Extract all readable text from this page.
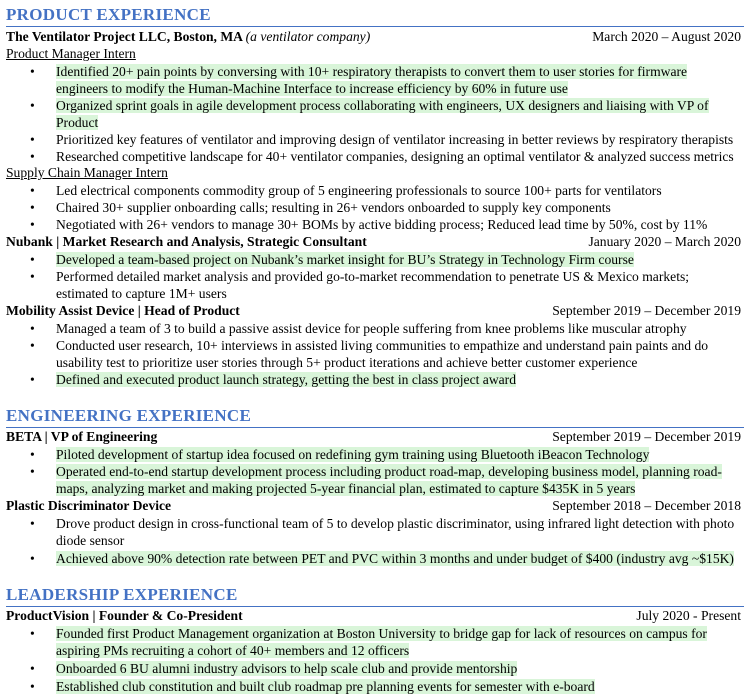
PRODUCT EXPERIENCE
The Ventilator Project LLC, Boston, MA (a ventilator company)	March 2020 – August 2020
Product Manager Intern
• Identified 20+ pain points by conversing with 10+ respiratory therapists to convert them to user stories for firmware
engineers to modify the Human-Machine Interface to increase efficiency by 60% in future use
• Organized sprint goals in agile development process collaborating with engineers, UX designers and liaising with VP of
Product
• Prioritized key features of ventilator and improving design of ventilator increasing in better reviews by respiratory therapists
• Researched competitive landscape for 40+ ventilator companies, designing an optimal ventilator & analyzed success metrics
Supply Chain Manager Intern
• Led electrical components commodity group of 5 engineering professionals to source 100+ parts for ventilators
• Chaired 30+ supplier onboarding calls; resulting in 26+ vendors onboarded to supply key components
• Negotiated with 26+ vendors to manage 30+ BOMs by active bidding process; Reduced lead time by 50%, cost by 11%
Nubank | Market Research and Analysis, Strategic Consultant	January 2020 – March 2020
• Developed a team-based project on Nubank’s market insight for BU’s Strategy in Technology Firm course
• Performed detailed market analysis and provided go-to-market recommendation to penetrate US & Mexico markets;
estimated to capture 1M+ users
Mobility Assist Device | Head of Product	September 2019 – December 2019
• Managed a team of 3 to build a passive assist device for people suffering from knee problems like muscular atrophy
• Conducted user research, 10+ interviews in assisted living communities to empathize and understand pain paints and do
usability test to prioritize user stories through 5+ product iterations and achieve better customer experience
• Defined and executed product launch strategy, getting the best in class project award
ENGINEERING EXPERIENCE
BETA | VP of Engineering	September 2019 – December 2019
• Piloted development of startup idea focused on redefining gym training using Bluetooth iBeacon Technology
• Operated end-to-end startup development process including product road-map, developing business model, planning road-
maps, analyzing market and making projected 5-year financial plan, estimated to capture $435K in 5 years
Plastic Discriminator Device	September 2018 – December 2018
• Drove product design in cross-functional team of 5 to develop plastic discriminator, using infrared light detection with photo
diode sensor
• Achieved above 90% detection rate between PET and PVC within 3 months and under budget of $400 (industry avg ~$15K)
LEADERSHIP EXPERIENCE
ProductVision | Founder & Co-President	July 2020 - Present
• Founded first Product Management organization at Boston University to bridge gap for lack of resources on campus for
aspiring PMs recruiting a cohort of 40+ members and 12 officers
• Onboarded 6 BU alumni industry advisors to help scale club and provide mentorship
• Established club constitution and built club roadmap pre planning events for semester with e-board
